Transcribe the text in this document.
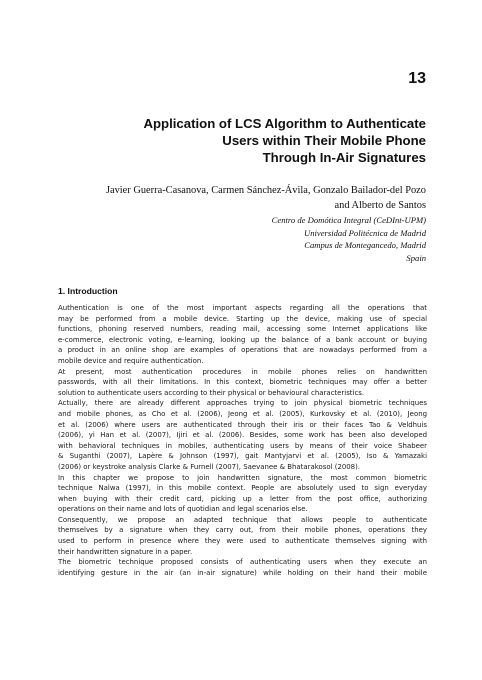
13
Application of LCS Algorithm to Authenticate
Users within Their Mobile Phone
Through In-Air Signatures
Javier Guerra-Casanova, Carmen Sánchez-Ávila, Gonzalo Bailador-del Pozo
and Alberto de Santos
Centro de Domótica Integral (CeDInt-UPM)
Universidad Politécnica de Madrid
Campus de Montegancedo, Madrid
Spain
1. Introduction
Authentication is one of the most important aspects regarding all the operations that
may be performed from a mobile device. Starting up the device, making use of special
functions, phoning reserved numbers, reading mail, accessing some Internet applications like
e-commerce, electronic voting, e-learning, looking up the balance of a bank account or buying
a product in an online shop are examples of operations that are nowadays performed from a
mobile device and require authentication.
At present, most authentication procedures in mobile phones relies on handwritten
passwords, with all their limitations. In this context, biometric techniques may offer a better
solution to authenticate users according to their physical or behavioural characteristics.
Actually, there are already different approaches trying to join physical biometric techniques
and mobile phones, as Cho et al. (2006), Jeong et al. (2005), Kurkovsky et al. (2010), Jeong
et al. (2006) where users are authenticated through their iris or their faces Tao & Veldhuis
(2006), yi Han et al. (2007), Ijiri et al. (2006). Besides, some work has been also developed
with behavioral techniques in mobiles, authenticating users by means of their voice Shabeer
& Suganthi (2007), Lapère & Johnson (1997), gait Mantyjarvi et al. (2005), Iso & Yamazaki
(2006) or keystroke analysis Clarke & Furnell (2007), Saevanee & Bhatarakosol (2008).
In this chapter we propose to join handwritten signature, the most common biometric
technique Nalwa (1997), in this mobile context. People are absolutely used to sign everyday
when buying with their credit card, picking up a letter from the post office, authorizing
operations on their name and lots of quotidian and legal scenarios else.
Consequently, we propose an adapted technique that allows people to authenticate
themselves by a signature when they carry out, from their mobile phones, operations they
used to perform in presence where they were used to authenticate themselves signing with
their handwritten signature in a paper.
The biometric technique proposed consists of authenticating users when they execute an
identifying gesture in the air (an in-air signature) while holding on their hand their mobile
